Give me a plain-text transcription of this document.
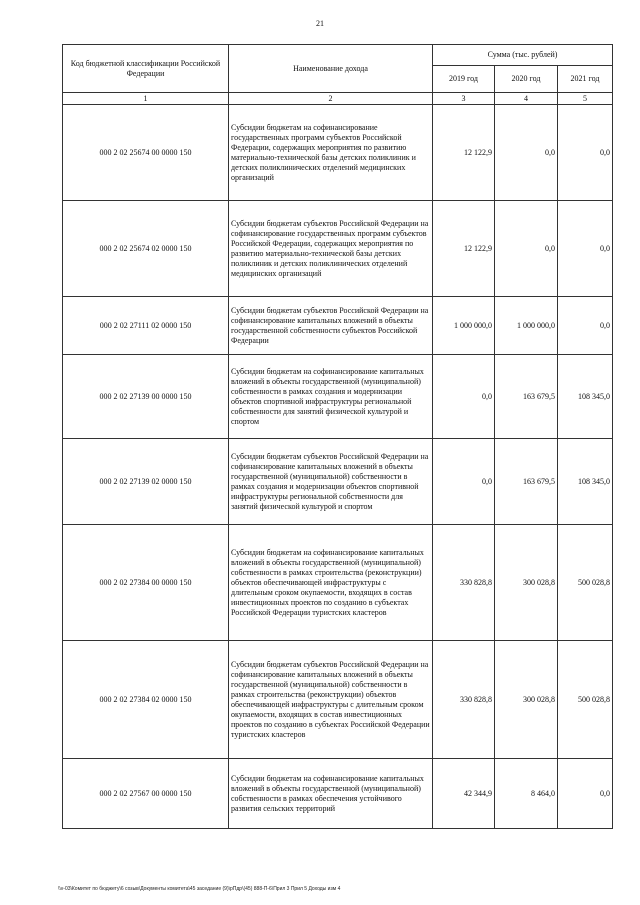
21
Код бюджетной классификации Российской Федерации	Наименование дохода	Сумма (тыс. рублей)		
		2019 год	2020 год	2021 год
1	2	3	4	5
000 2 02 25674 00 0000 150	Субсидии бюджетам на софинансирование государственных программ субъектов Российской Федерации, содержащих мероприятия по развитию материально-технической базы детских поликлиник и детских поликлинических отделений медицинских организаций	12 122,9	0,0	0,0
000 2 02 25674 02 0000 150	Субсидии бюджетам субъектов Российской Федерации на софинансирование государственных программ субъектов Российской Федерации, содержащих мероприятия по развитию материально-технической базы детских поликлиник и детских поликлинических отделений медицинских организаций	12 122,9	0,0	0,0
000 2 02 27111 02 0000 150	Субсидии бюджетам субъектов Российской Федерации на софинансирование капитальных вложений в объекты государственной собственности субъектов Российской Федерации	1 000 000,0	1 000 000,0	0,0
000 2 02 27139 00 0000 150	Субсидии бюджетам на софинансирование капитальных вложений в объекты государственной (муниципальной) собственности в рамках создания и модернизации объектов спортивной инфраструктуры региональной собственности для занятий физической культурой и спортом	0,0	163 679,5	108 345,0
000 2 02 27139 02 0000 150	Субсидии бюджетам субъектов Российской Федерации на софинансирование капитальных вложений в объекты государственной (муниципальной) собственности в рамках создания и модернизации объектов спортивной инфраструктуры региональной собственности для занятий физической культурой и спортом	0,0	163 679,5	108 345,0
000 2 02 27384 00 0000 150	Субсидии бюджетам на софинансирование капитальных вложений в объекты государственной (муниципальной) собственности в рамках строительства (реконструкции) объектов обеспечивающей инфраструктуры с длительным сроком окупаемости, входящих в состав инвестиционных проектов по созданию в субъектах Российской Федерации туристских кластеров	330 828,8	300 028,8	500 028,8
000 2 02 27384 02 0000 150	Субсидии бюджетам субъектов Российской Федерации на софинансирование капитальных вложений в объекты государственной (муниципальной) собственности в рамках строительства (реконструкции) объектов обеспечивающей инфраструктуры с длительным сроком окупаемости, входящих в состав инвестиционных проектов по созданию в субъектах Российской Федерации туристских кластеров	330 828,8	300 028,8	500 028,8
000 2 02 27567 00 0000 150	Субсидии бюджетам на софинансирование капитальных вложений в объекты государственной (муниципальной) собственности в рамках обеспечения устойчивого развития сельских территорий	42 344,9	8 464,0	0,0
\\v-03\Комитет по бюджету\6 созыв\Документы комитета\45 заседание (9)\рПдр\(45) 888-П-6\Прил 3 Прил 5 Доходы изм 4
